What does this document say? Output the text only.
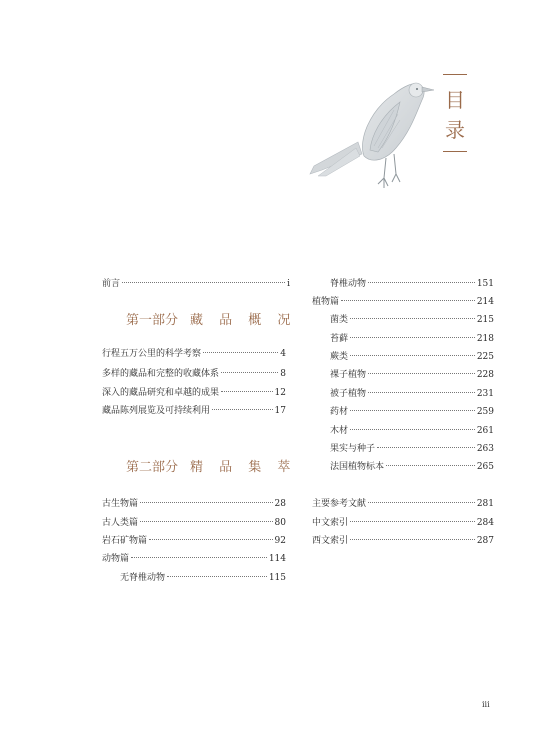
目
录
前言	i
第一部分 藏 品 概 况
行程五万公里的科学考察	4
多样的藏品和完整的收藏体系	8
深入的藏品研究和卓越的成果	12
藏品陈列展览及可持续利用	17
第二部分 精 品 集 萃
古生物篇	28
古人类篇	80
岩石矿物篇	92
动物篇	114
无脊椎动物	115
脊椎动物	151
植物篇	214
菌类	215
苔藓	218
蕨类	225
裸子植物	228
被子植物	231
药材	259
木材	261
果实与种子	263
法国植物标本	265
主要参考文献	281
中文索引	284
西文索引	287
iii
